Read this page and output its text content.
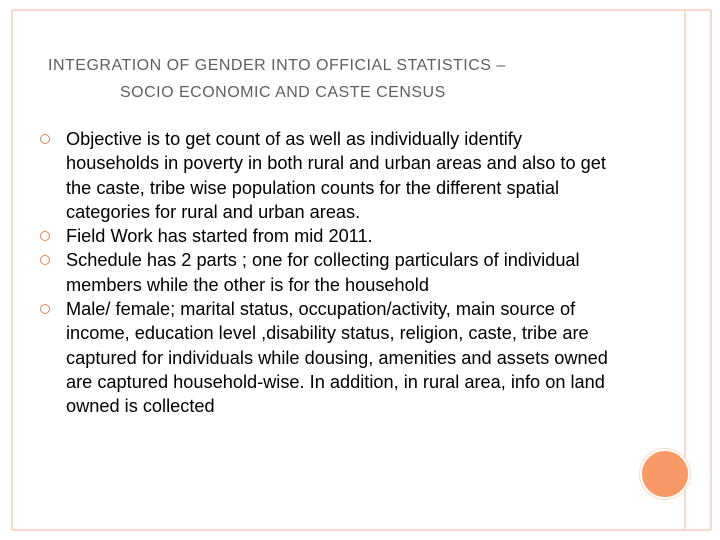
INTEGRATION OF GENDER INTO OFFICIAL STATISTICS –
SOCIO ECONOMIC AND CASTE CENSUS
Objective is to get count of as well as individually identify households in poverty in both rural and urban areas and also to get the caste, tribe wise population counts for the different spatial categories for rural and urban areas.
Field Work has started from mid 2011.
Schedule has 2 parts ; one for collecting particulars of individual members while the other is for the household
Male/ female; marital status, occupation/activity, main source of income, education level ,disability status, religion, caste, tribe are captured for individuals while dousing, amenities and assets owned are captured household-wise. In addition, in rural area, info on land owned is collected
